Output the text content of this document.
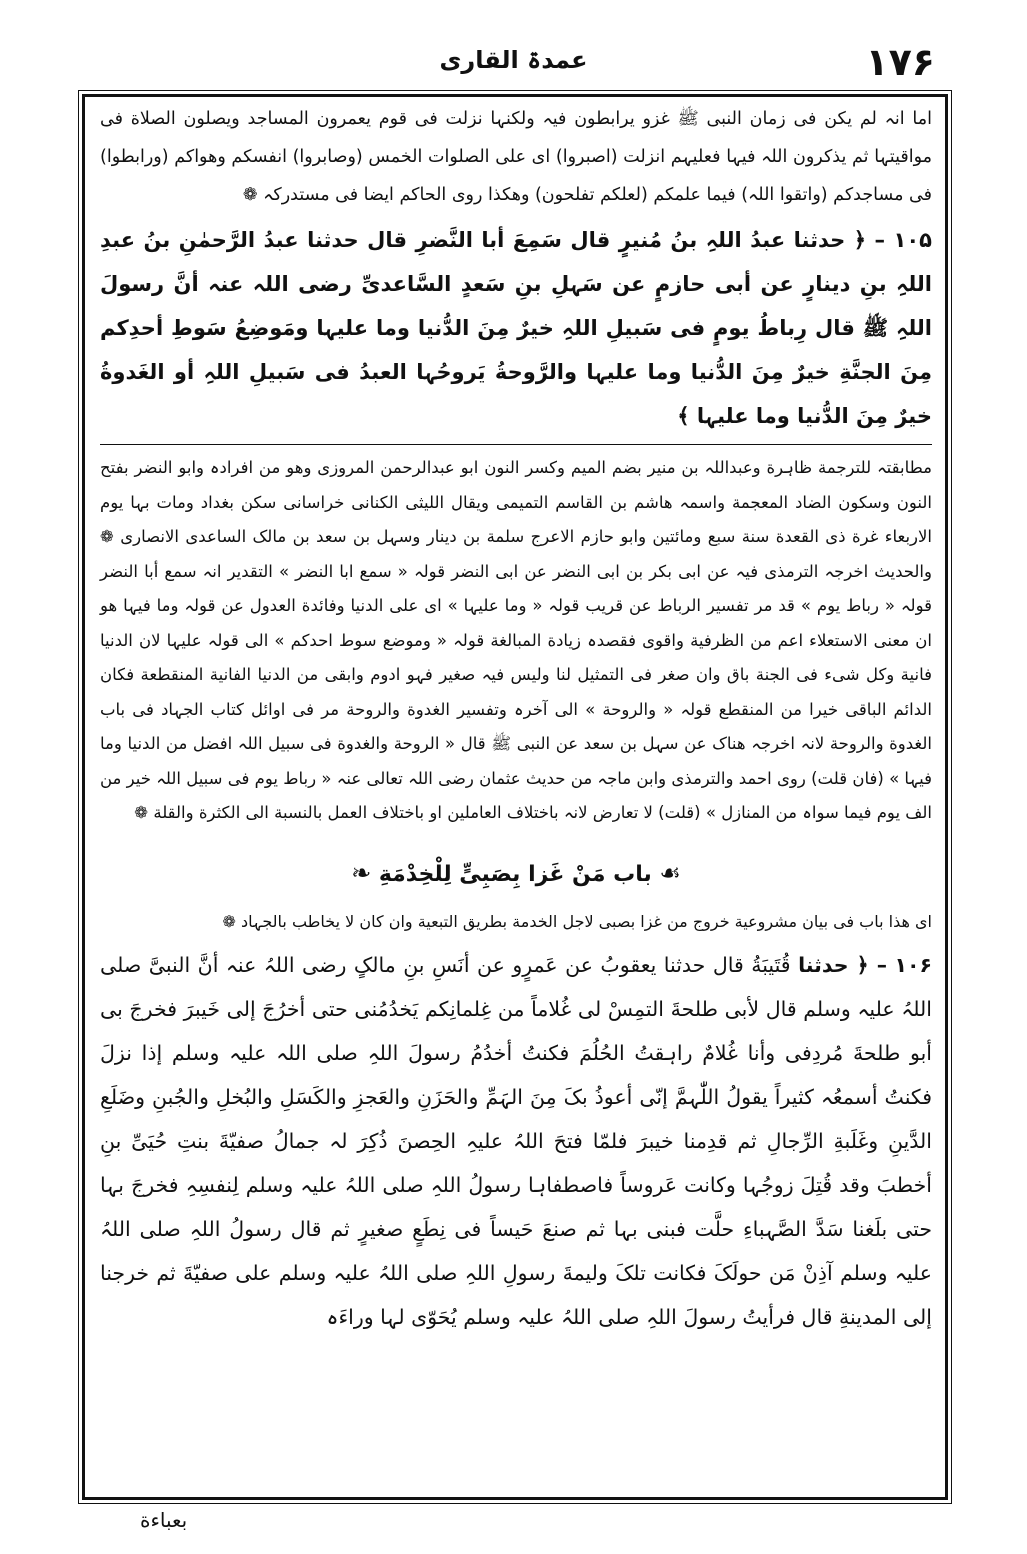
عمدۃ القاری	۱۷۶

اما انہ لم یکن فی زمان النبی ﷺ غزو یرابطون فیہ ولکنہا نزلت فی قوم یعمرون المساجد ویصلون الصلاة فی مواقیتہا ثم یذکرون اللہ فیہا فعلیہم انزلت (اصبروا) ای علی الصلوات الخمس (وصابروا) انفسکم وھواکم (ورابطوا) فی مساجدکم (واتقوا اللہ) فیما علمکم (لعلکم تفلحون) وھکذا روی الحاکم ایضا فی مستدرکہ ❁

۱۰۵ – ﴿ حدثنا عبدُ اللہِ بنُ مُنیرٍ قال سَمِعَ أبا النَّضرِ قال حدثنا عبدُ الرَّحمٰنِ بنُ عبدِ اللہِ بنِ دینارٍ عن أبی حازمٍ عن سَہلِ بنِ سَعدٍ السَّاعدیِّ رضی اللہ عنہ أنَّ رسولَ اللہِ ﷺ قال رِباطُ یومٍ فی سَبیلِ اللہِ خیرٌ مِنَ الدُّنیا وما علیہا ومَوضِعُ سَوطِ أحدِکم مِنَ الجنَّةِ خیرٌ مِنَ الدُّنیا وما علیہا والرَّوحةُ یَروحُہا العبدُ فی سَبیلِ اللہِ أو الغَدوةُ خیرٌ مِنَ الدُّنیا وما علیہا ﴾

مطابقتہ للترجمة ظاہرة وعبداللہ بن منیر بضم المیم وکسر النون ابو عبدالرحمن المروزی وھو من افرادہ وابو النضر بفتح النون وسکون الضاد المعجمة واسمہ ھاشم بن القاسم التمیمی ویقال اللیثی الکنانی خراسانی سکن بغداد ومات بہا یوم الاربعاء غرة ذی القعدة سنة سبع ومائتین وابو حازم الاعرج سلمة بن دینار وسہل بن سعد بن مالک الساعدی الانصاری ❁ والحدیث اخرجہ الترمذی فیہ عن ابی بکر بن ابی النضر عن ابی النضر قولہ « سمع ابا النضر » التقدیر انہ سمع أبا النضر قولہ « رباط یوم » قد مر تفسیر الرباط عن قریب قولہ « وما علیہا » ای علی الدنیا وفائدة العدول عن قولہ وما فیہا ھو ان معنی الاستعلاء اعم من الظرفیة واقوی فقصدہ زیادة المبالغة قولہ « وموضع سوط احدکم » الی قولہ علیہا لان الدنیا فانیة وکل شیء فی الجنة باق وان صغر فی التمثیل لنا ولیس فیہ صغیر فہو ادوم وابقی من الدنیا الفانیة المنقطعة فکان الدائم الباقی خیرا من المنقطع قولہ « والروحة » الی آخرہ وتفسیر الغدوة والروحة مر فی اوائل کتاب الجہاد فی باب الغدوة والروحة لانہ اخرجہ ھناک عن سہل بن سعد عن النبی ﷺ قال « الروحة والغدوة فی سبیل اللہ افضل من الدنیا وما فیہا » (فان قلت) روی احمد والترمذی وابن ماجہ من حدیث عثمان رضی اللہ تعالی عنہ « رباط یوم فی سبیل اللہ خیر من الف یوم فیما سواہ من المنازل » (قلت) لا تعارض لانہ باختلاف العاملین او باختلاف العمل بالنسبة الی الکثرة والقلة ❁

☙ باب مَنْ غَزا بِصَبِیٍّ لِلْخِدْمَةِ ❧

ای ھذا باب فی بیان مشروعیة خروج من غزا بصبی لاجل الخدمة بطریق التبعیة وان کان لا یخاطب بالجہاد ❁

۱۰۶ – ﴿ حدثنا قُتَیبَةُ قال حدثنا یعقوبُ عن عَمرٍو عن أنَسِ بنِ مالکٍ رضی اللہُ عنہ أنَّ النبیَّ صلی اللہُ علیہ وسلم قال لأبی طلحةَ التمِسْ لی غُلاماً من غِلمانِکم یَخدُمُنی حتی أخرُجَ إلی خَیبرَ فخرجَ بی أبو طلحةَ مُردِفی وأنا غُلامٌ راہقتُ الحُلُمَ فکنتُ أخدُمُ رسولَ اللہِ صلی اللہ علیہ وسلم إذا نزلَ فکنتُ أسمعُہ کثیراً یقولُ اللّٰہمَّ إنّی أعوذُ بکَ مِنَ الہَمِّ والحَزَنِ والعَجزِ والکَسَلِ والبُخلِ والجُبنِ وضَلَعِ الدَّینِ وغَلَبةِ الرِّجالِ ثم قدِمنا خیبرَ فلمّا فتحَ اللہُ علیہِ الحِصنَ ذُکِرَ لہ جمالُ صفیّةَ بنتِ حُیَیِّ بنِ أخطبَ وقد قُتِلَ زوجُہا وکانت عَروساً فاصطفاہا رسولُ اللہِ صلی اللہُ علیہ وسلم لِنفسِہِ فخرجَ بہا حتی بلَغنا سَدَّ الصَّہباءِ حلَّت فبنی بہا ثم صنعَ حَیساً فی نِطَعٍ صغیرٍ ثم قال رسولُ اللہِ صلی اللہُ علیہ وسلم آذِنْ مَن حولَکَ فکانت تلکَ ولیمةَ رسولِ اللہِ صلی اللہُ علیہ وسلم علی صفیّةَ ثم خرجنا إلی المدینةِ قال فرأیتُ رسولَ اللہِ صلی اللہُ علیہ وسلم یُحَوّی لہا وراءَہ

بعباءة
